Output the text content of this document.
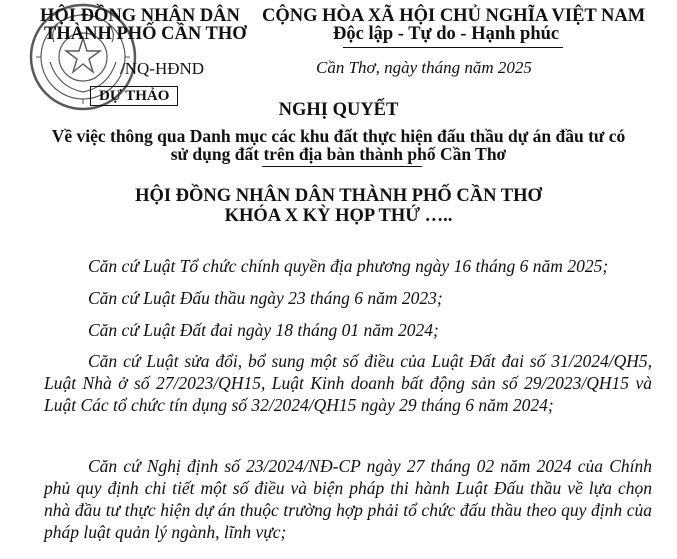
HỘI ĐỒNG NHÂN DÂN
THÀNH PHỐ CẦN THƠ
/NQ-HĐND
DỰ THẢO
CỘNG HÒA XÃ HỘI CHỦ NGHĨA VIỆT NAM
Độc lập - Tự do - Hạnh phúc
Cần Thơ, ngày tháng năm 2025
NGHỊ QUYẾT
Về việc thông qua Danh mục các khu đất thực hiện đấu thầu dự án đầu tư có
sử dụng đất trên địa bàn thành phố Cần Thơ
HỘI ĐỒNG NHÂN DÂN THÀNH PHỐ CẦN THƠ
KHÓA X KỲ HỌP THỨ …..

Căn cứ Luật Tổ chức chính quyền địa phương ngày 16 tháng 6 năm 2025;

Căn cứ Luật Đấu thầu ngày 23 tháng 6 năm 2023;

Căn cứ Luật Đất đai ngày 18 tháng 01 năm 2024;

Căn cứ Luật sửa đổi, bổ sung một số điều của Luật Đất đai số 31/2024/QH5, Luật Nhà ở số 27/2023/QH15, Luật Kinh doanh bất động sản số 29/2023/QH15 và Luật Các tổ chức tín dụng số 32/2024/QH15 ngày 29 tháng 6 năm 2024;

Căn cứ Nghị định số 23/2024/NĐ-CP ngày 27 tháng 02 năm 2024 của Chính phủ quy định chi tiết một số điều và biện pháp thi hành Luật Đấu thầu về lựa chọn nhà đầu tư thực hiện dự án thuộc trường hợp phải tổ chức đấu thầu theo quy định của pháp luật quản lý ngành, lĩnh vực;
